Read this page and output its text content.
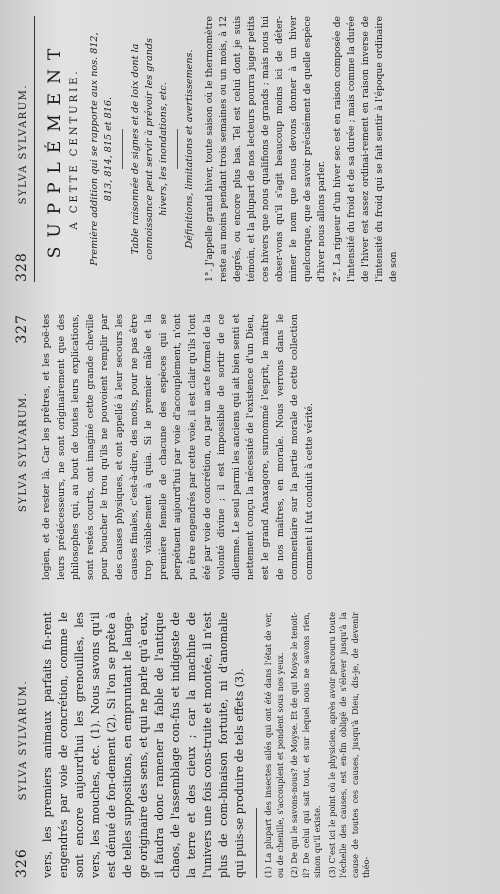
326
SYLVA SYLVARUM. vers, les premiers animaux parfaits fu-rent engendrés par voie de concrétion, comme le sont encore aujourd'hui les grenouilles, les vers, les mouches, etc. (1). Nous savons qu'il est dénué de fon-dement (2). Si l'on se prête à de telles suppositions, en empruntant le langa-ge originaire des sens, et qui ne parle qu'à eux, il faudra donc ramener la fable de l'antique chaos, de l'assemblage con-fus et indigeste de la terre et des cieux ; car la machine de l'univers une fois cons-truite et montée, il n'est plus de com-binaison fortuite, ni d'anomalie qui puis-se produire de tels effets (3). (1) La plupart des insectes ailés qui ont été dans l'état de ver, ou de chenille, s'accouplent et pondent sous nos yeux. (2) De qui le savons-nous? de Moyse. Et de qui Moyse le tenoit-il? De celui qui sait tout, et sur lequel nous ne savons rien, sinon qu'il existe. (3) C'est ici le point où le physicien, après avoir parcouru toute l'échelle des causes, est en-fin obligé de s'élever jusqu'à la cause de toutes ces causes, jusqu'à Dieu, dis-je, de devenir théo-

SYLVA SYLVARUM.
327 logien, et de rester là. Car les prêtres, et les poë-tes leurs prédécesseurs, ne sont originairement que des philosophes qui, au bout de toutes leurs explications, sont restés courts, ont imaginé cette grande cheville pour boucher le trou qu'ils ne pouvoient remplir par des causes physiques, et ont appellé à leur secours les causes finales, c'est-à-dire, des mots, pour ne pas être trop visible-ment à quia. Si le premier mâle et la première femelle de chacune des espèces qui se perpétuent aujourd'hui par voie d'accouplement, n'ont pu être engendrés par cette voie, il est clair qu'ils l'ont été par voie de concrétion, ou par un acte formel de la volonté divine ; il est impossible de sortir de ce dilemme. Le seul parmi les anciens qui ait bien senti et nettement conçu la nécessité de l'existence d'un Dieu, est le grand Anaxagore, surnommé l'esprit, le maître de nos maîtres, en morale. Nous verrons dans le commentaire sur la partie morale de cette collection comment il fut conduit à cette vérité.

328
SYLVA SYLVARUM. SUPPLÉMENT A CETTE CENTURIE. Première addition qui se rapporte aux nos. 812, 813, 814, 815 et 816. Table raisonnée de signes et de loix dont la connoissance peut servir à prévoir les grands hivers, les inondations, etc. Définitions, limitations et avertissemens. 1°. J'appelle grand hiver, toute saison où le thermomètre reste au moins pendant trois semaines ou un mois, à 12 degrés, ou encore plus bas. Tel est celui dont je suis témoin, et la plupart de nos lecteurs pourra juger petits ces hivers que nous qualifions de grands ; mais nous lui obser-vons qu'il s'agit beaucoup moins ici de déter-miner le nom que nous devons donner à un hiver quelconque, que de savoir précisément de quelle espèce d'hiver nous allons parler. 2°. La rigueur d'un hiver sec est en raison composée de l'intensité du froid et de sa durée ; mais comme la durée de l'hiver est assez ordinai-rement en raison inverse de l'intensité du froid qui se fait sentir à l'époque ordinaire de son
